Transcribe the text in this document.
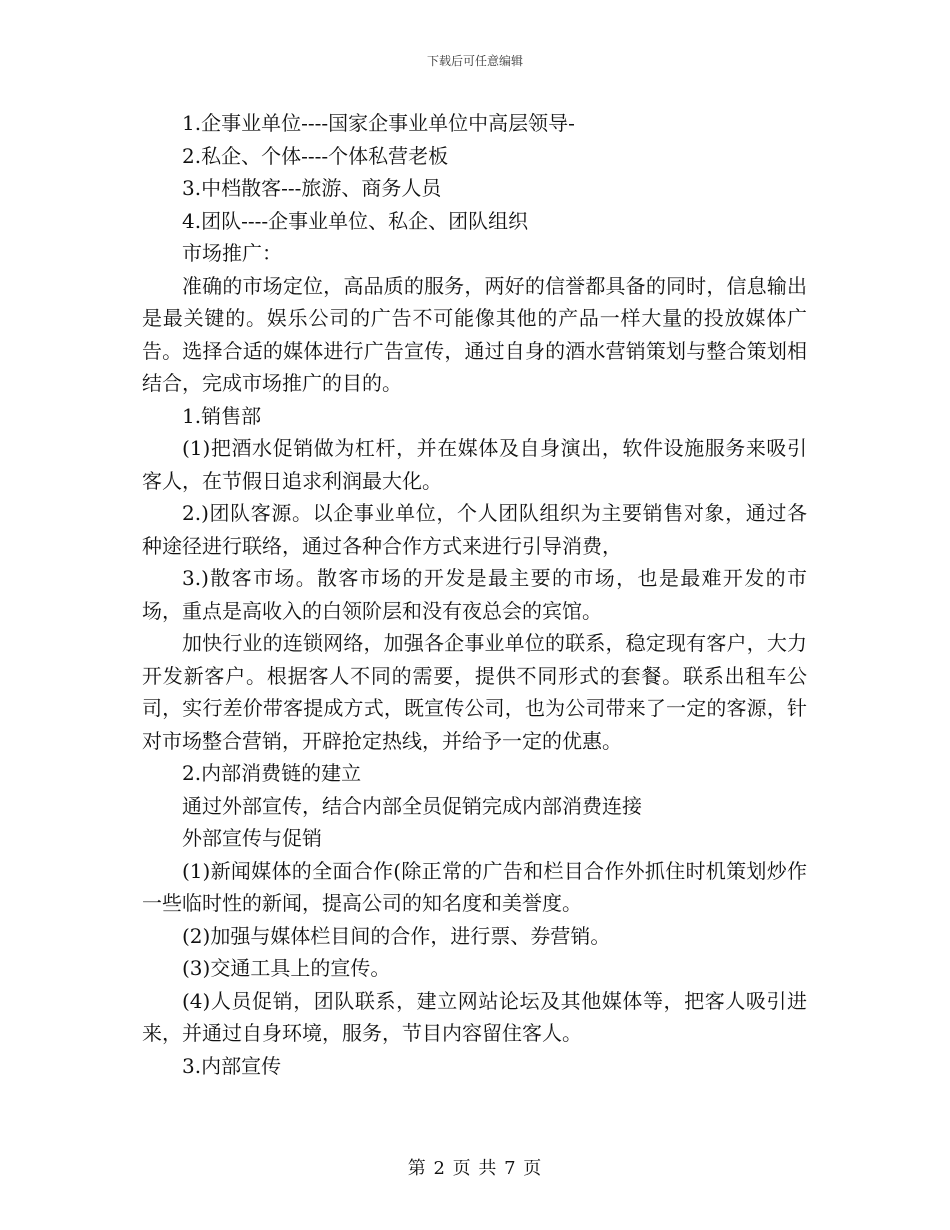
下载后可任意编辑

1.企事业单位----国家企事业单位中高层领导-

2.私企、个体----个体私营老板

3.中档散客---旅游、商务人员

4.团队----企事业单位、私企、团队组织

市场推广：

准确的市场定位，高品质的服务，两好的信誉都具备的同时，信息输出是最关键的。娱乐公司的广告不可能像其他的产品一样大量的投放媒体广告。选择合适的媒体进行广告宣传，通过自身的酒水营销策划与整合策划相结合，完成市场推广的目的。

1.销售部

(1)把酒水促销做为杠杆，并在媒体及自身演出，软件设施服务来吸引客人，在节假日追求利润最大化。

2.)团队客源。以企事业单位，个人团队组织为主要销售对象，通过各种途径进行联络，通过各种合作方式来进行引导消费，

3.)散客市场。散客市场的开发是最主要的市场，也是最难开发的市场，重点是高收入的白领阶层和没有夜总会的宾馆。

加快行业的连锁网络，加强各企事业单位的联系，稳定现有客户，大力开发新客户。根据客人不同的需要，提供不同形式的套餐。联系出租车公司，实行差价带客提成方式，既宣传公司，也为公司带来了一定的客源，针对市场整合营销，开辟抢定热线，并给予一定的优惠。

2.内部消费链的建立

通过外部宣传，结合内部全员促销完成内部消费连接

外部宣传与促销

(1)新闻媒体的全面合作(除正常的广告和栏目合作外抓住时机策划炒作一些临时性的新闻，提高公司的知名度和美誉度。

(2)加强与媒体栏目间的合作，进行票、券营销。

(3)交通工具上的宣传。

(4)人员促销，团队联系，建立网站论坛及其他媒体等，把客人吸引进来，并通过自身环境，服务，节目内容留住客人。

3.内部宣传

第 2 页 共 7 页
